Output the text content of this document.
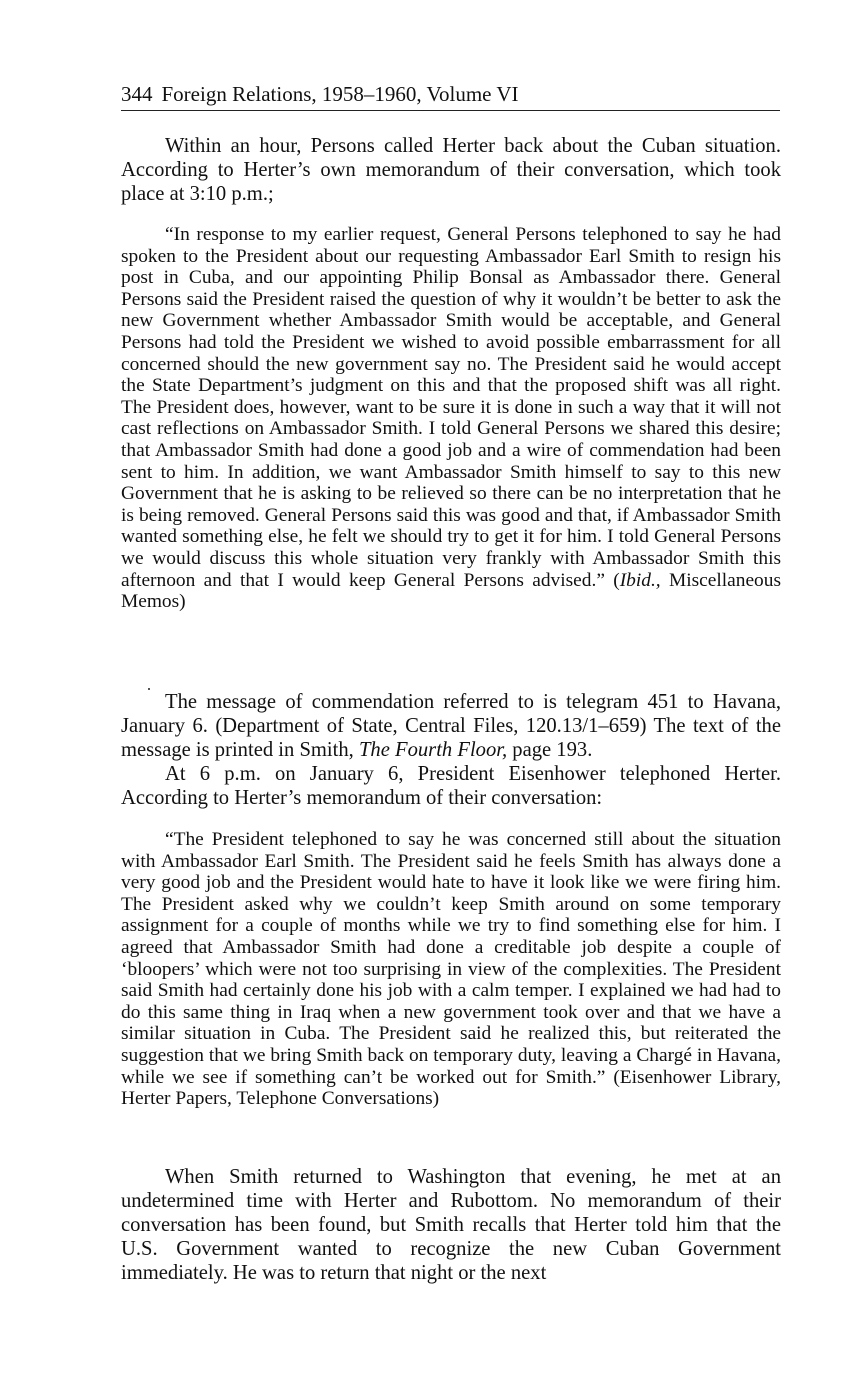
344 Foreign Relations, 1958–1960, Volume VI

Within an hour, Persons called Herter back about the Cuban situation. According to Herter’s own memorandum of their conversation, which took place at 3:10 p.m.;

“In response to my earlier request, General Persons telephoned to say he had spoken to the President about our requesting Ambassador Earl Smith to resign his post in Cuba, and our appointing Philip Bonsal as Ambassador there. General Persons said the President raised the question of why it wouldn’t be better to ask the new Government whether Ambassador Smith would be acceptable, and General Persons had told the President we wished to avoid possible embarrassment for all concerned should the new government say no. The President said he would accept the State Department’s judgment on this and that the proposed shift was all right. The President does, however, want to be sure it is done in such a way that it will not cast reflections on Ambassador Smith. I told General Persons we shared this desire; that Ambassador Smith had done a good job and a wire of commendation had been sent to him. In addition, we want Ambassador Smith himself to say to this new Government that he is asking to be relieved so there can be no interpretation that he is being removed. General Persons said this was good and that, if Ambassador Smith wanted something else, he felt we should try to get it for him. I told General Persons we would discuss this whole situation very frankly with Ambassador Smith this afternoon and that I would keep General Persons advised.” (Ibid., Miscellaneous Memos)

The message of commendation referred to is telegram 451 to Havana, January 6. (Department of State, Central Files, 120.13/1–659) The text of the message is printed in Smith, The Fourth Floor, page 193.

At 6 p.m. on January 6, President Eisenhower telephoned Herter. According to Herter’s memorandum of their conversation:

“The President telephoned to say he was concerned still about the situation with Ambassador Earl Smith. The President said he feels Smith has always done a very good job and the President would hate to have it look like we were firing him. The President asked why we couldn’t keep Smith around on some temporary assignment for a couple of months while we try to find something else for him. I agreed that Ambassador Smith had done a creditable job despite a couple of ‘bloopers’ which were not too surprising in view of the complexities. The President said Smith had certainly done his job with a calm temper. I explained we had had to do this same thing in Iraq when a new government took over and that we have a similar situation in Cuba. The President said he realized this, but reiterated the suggestion that we bring Smith back on temporary duty, leaving a Chargé in Havana, while we see if something can’t be worked out for Smith.” (Eisenhower Library, Herter Papers, Telephone Conversations)

When Smith returned to Washington that evening, he met at an undetermined time with Herter and Rubottom. No memorandum of their conversation has been found, but Smith recalls that Herter told him that the U.S. Government wanted to recognize the new Cuban Government immediately. He was to return that night or the next
